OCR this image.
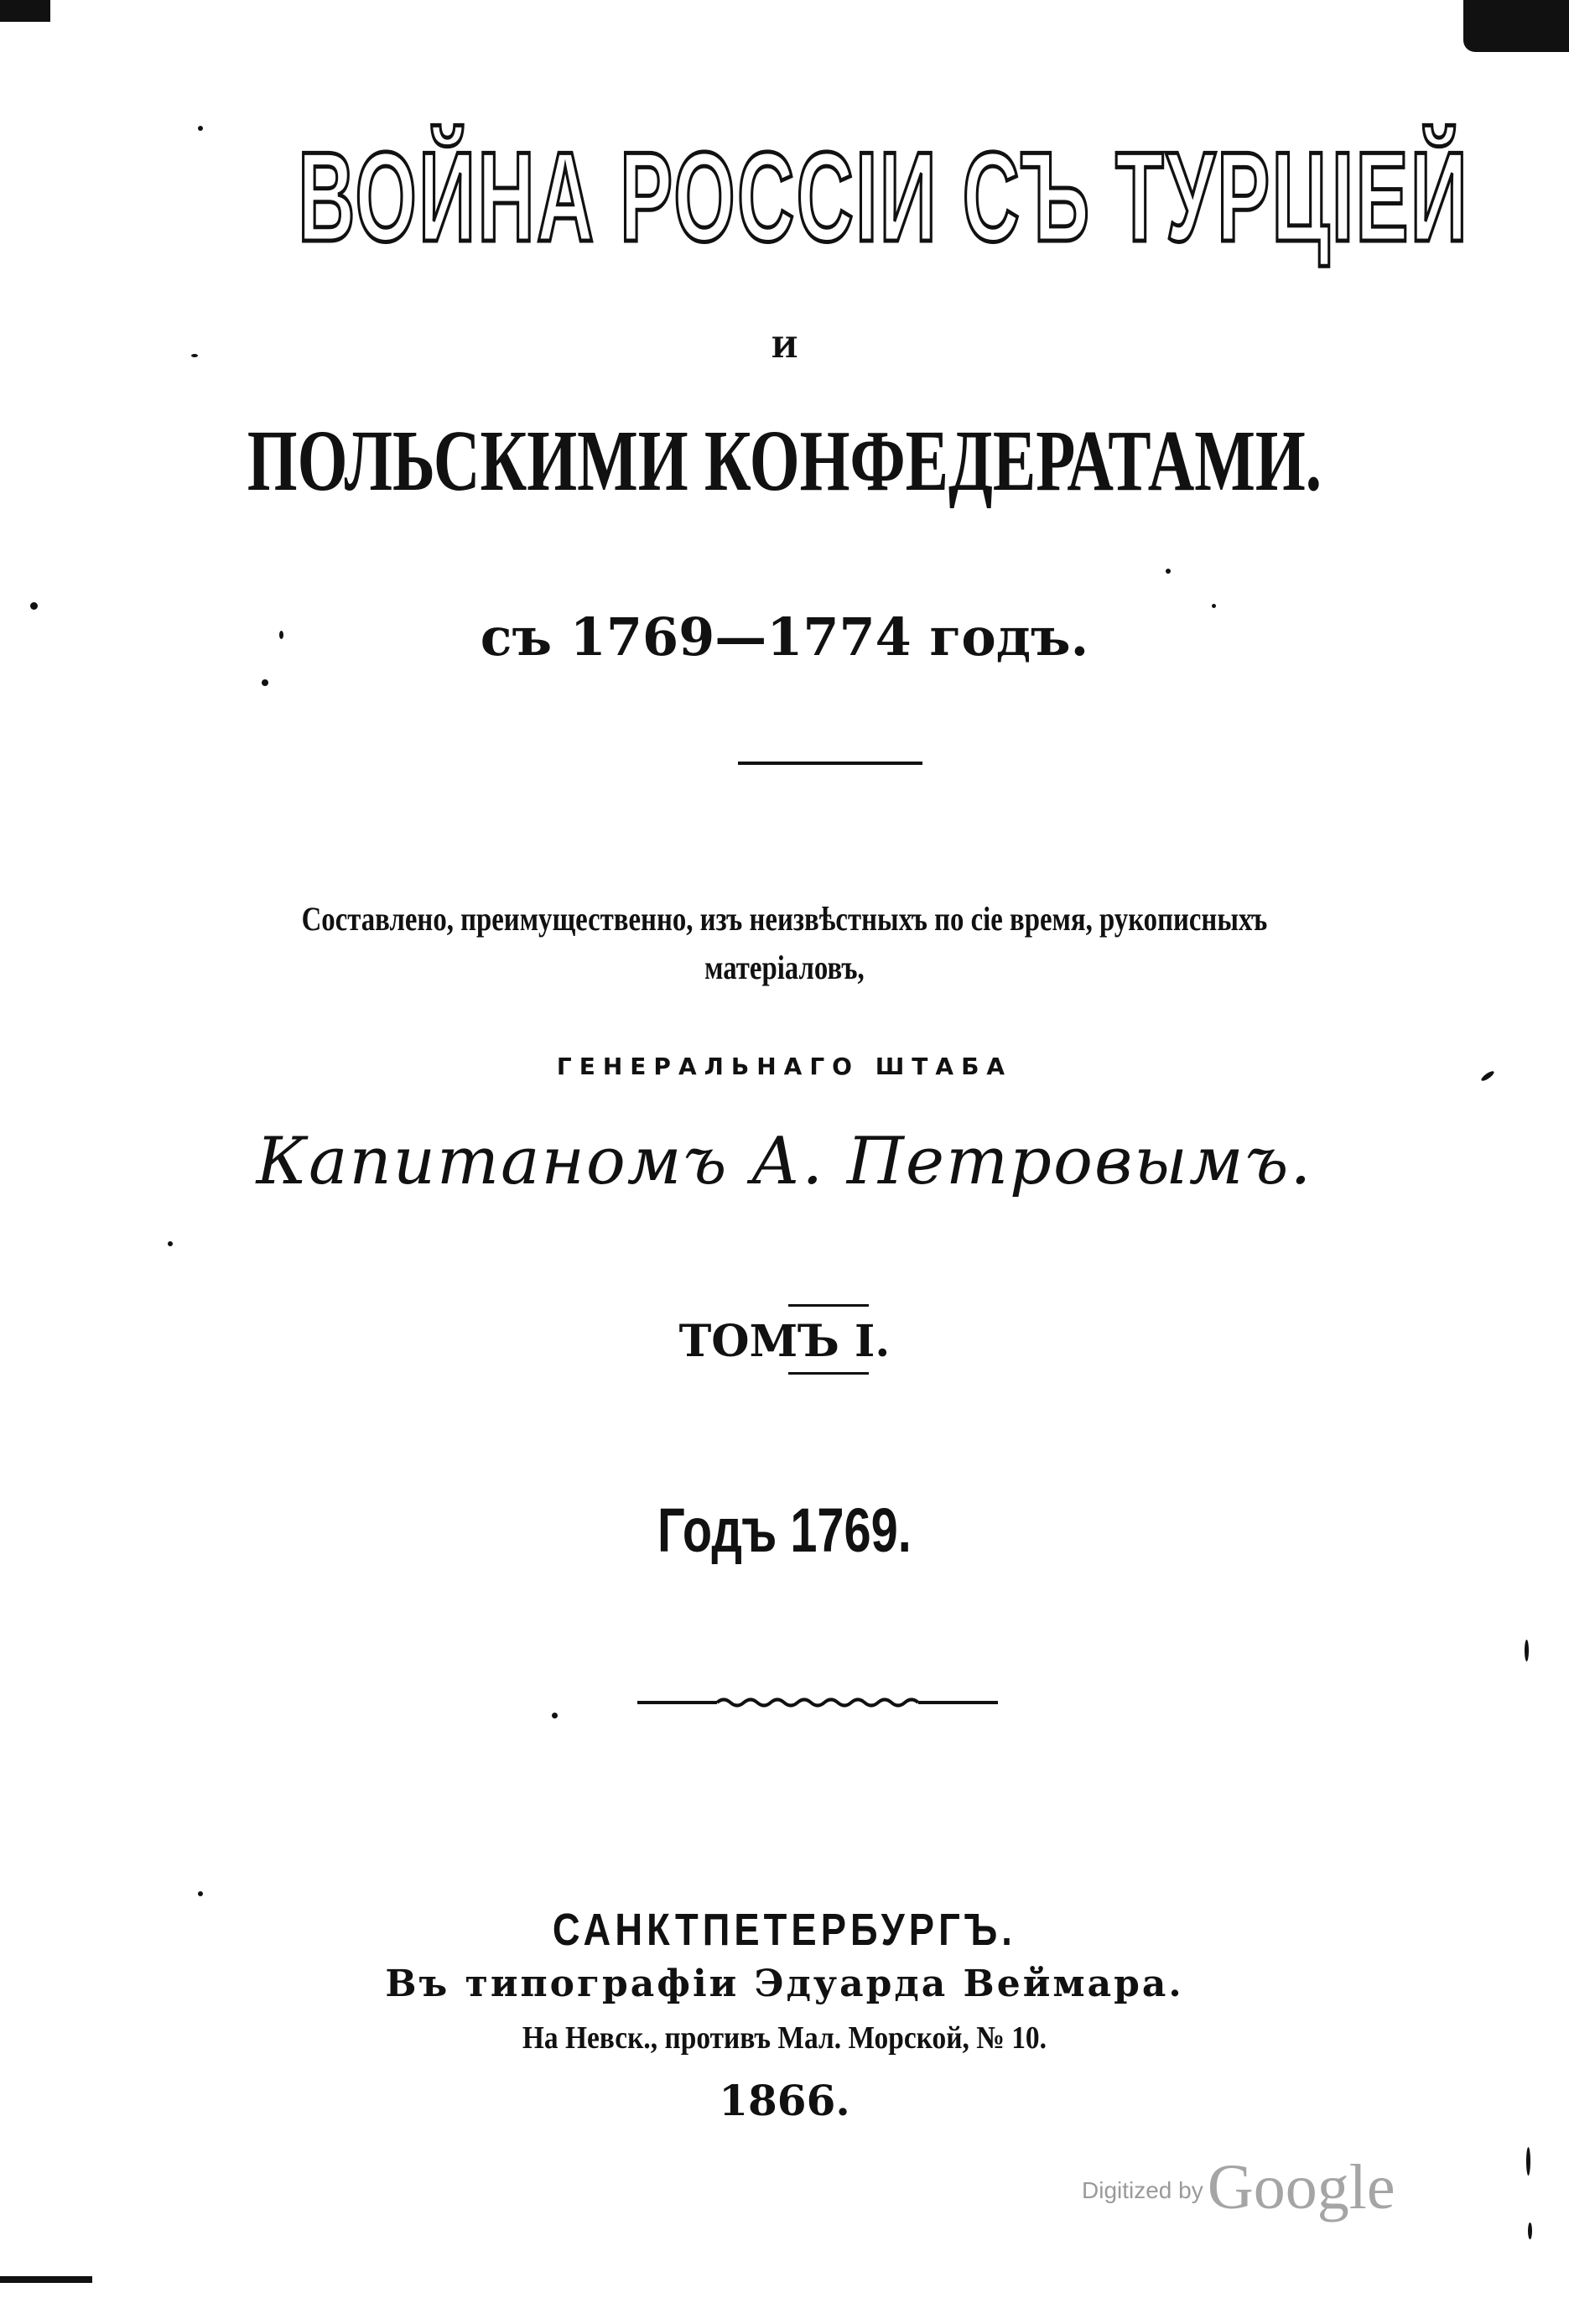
ВОЙНА РОССІИ СЪ ТУРЦІЕЙ
И
ПОЛЬСКИМИ КОНФЕДЕРАТАМИ.
съ 1769—1774 годъ.
Составлено, преимущественно, изъ неизвѣстныхъ по сіе время, рукописныхъ
матеріаловъ,
ГЕНЕРАЛЬНАГО ШТАБА
Капитаномъ А. Петровымъ.
ТОМЪ I.
Годъ 1769.
САНКТПЕТЕРБУРГЪ.
Въ типографіи Эдуарда Веймара.
На Невск., противъ Мал. Морской, № 10.
1866.
Digitized by Google
